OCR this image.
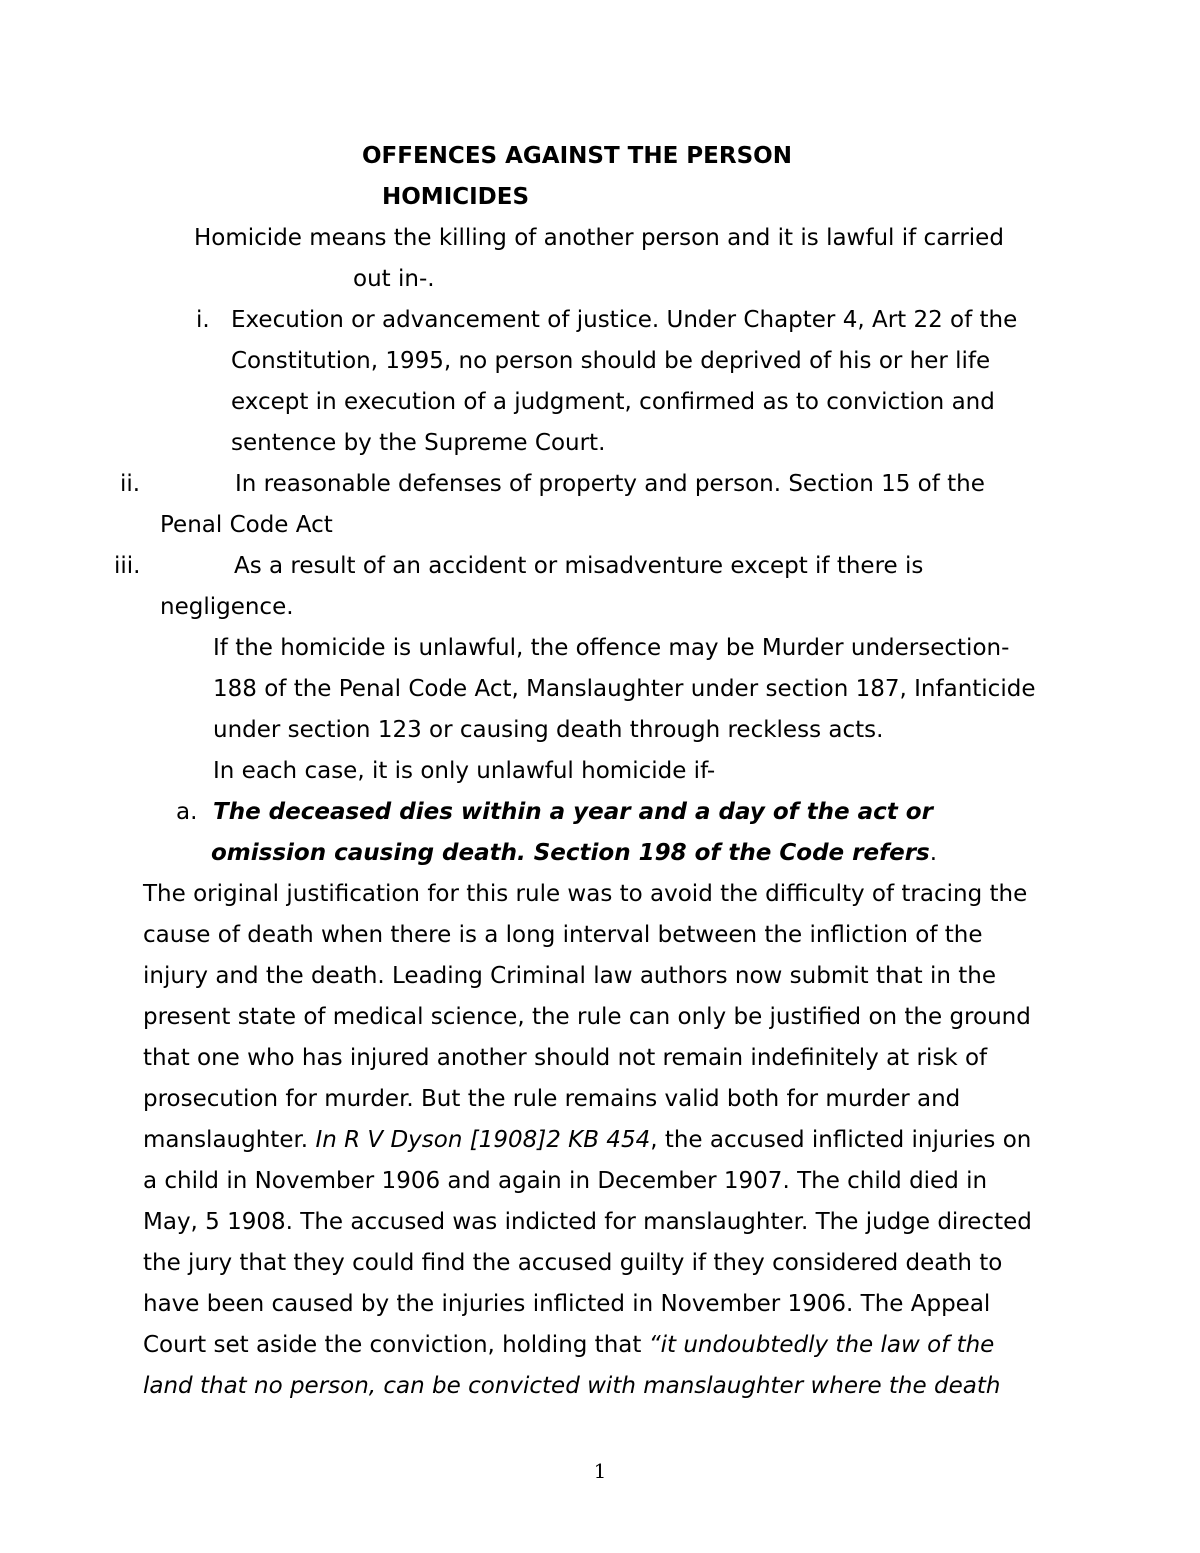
OFFENCES AGAINST THE PERSON
HOMICIDES
Homicide means the killing of another person and it is lawful if carried
out in-.
i. Execution or advancement of justice. Under Chapter 4, Art 22 of the
Constitution, 1995, no person should be deprived of his or her life
except in execution of a judgment, confirmed as to conviction and
sentence by the Supreme Court.
ii.	In reasonable defenses of property and person. Section 15 of the
Penal Code Act
iii.	As a result of an accident or misadventure except if there is
negligence.
If the homicide is unlawful, the offence may be Murder undersection-
188 of the Penal Code Act, Manslaughter under section 187, Infanticide
under section 123 or causing death through reckless acts.
In each case, it is only unlawful homicide if-
a. The deceased dies within a year and a day of the act or
omission causing death. Section 198 of the Code refers.
The original justification for this rule was to avoid the difficulty of tracing the
cause of death when there is a long interval between the infliction of the
injury and the death. Leading Criminal law authors now submit that in the
present state of medical science, the rule can only be justified on the ground
that one who has injured another should not remain indefinitely at risk of
prosecution for murder. But the rule remains valid both for murder and
manslaughter. In R V Dyson [1908]2 KB 454, the accused inflicted injuries on
a child in November 1906 and again in December 1907. The child died in
May, 5 1908. The accused was indicted for manslaughter. The judge directed
the jury that they could find the accused guilty if they considered death to
have been caused by the injuries inflicted in November 1906. The Appeal
Court set aside the conviction, holding that “it undoubtedly the law of the
land that no person, can be convicted with manslaughter where the death
1
